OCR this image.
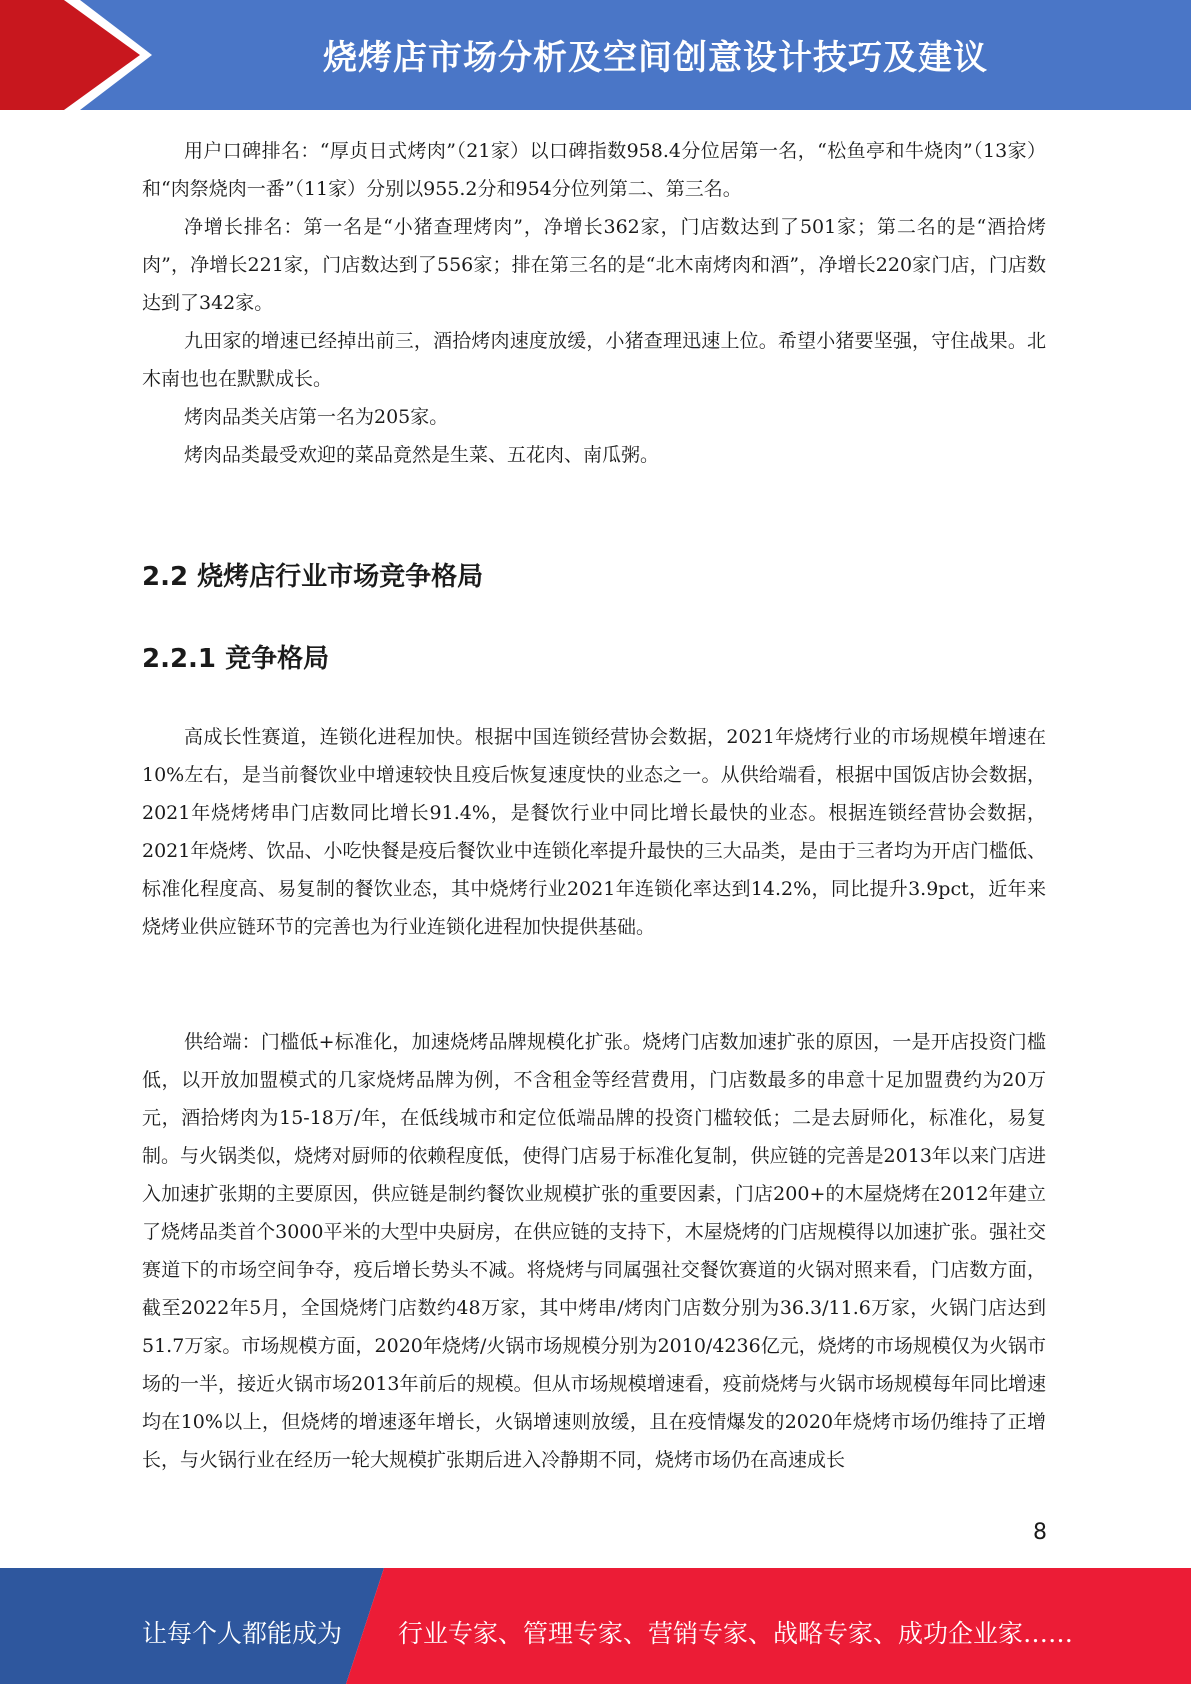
烧烤店市场分析及空间创意设计技巧及建议

用户口碑排名：“厚贞日式烤肉”（21家）以口碑指数958.4分位居第一名，“松鱼亭和牛烧肉”（13家）和“肉祭烧肉一番”（11家）分别以955.2分和954分位列第二、第三名。

净增长排名：第一名是“小猪查理烤肉”，净增长362家，门店数达到了501家；第二名的是“酒拾烤肉”，净增长221家，门店数达到了556家；排在第三名的是“北木南烤肉和酒”，净增长220家门店，门店数达到了342家。

九田家的增速已经掉出前三，酒拾烤肉速度放缓，小猪查理迅速上位。希望小猪要坚强，守住战果。北木南也也在默默成长。

烤肉品类关店第一名为205家。

烤肉品类最受欢迎的菜品竟然是生菜、五花肉、南瓜粥。

2.2 烧烤店行业市场竞争格局
2.2.1 竞争格局

高成长性赛道，连锁化进程加快。根据中国连锁经营协会数据，2021年烧烤行业的市场规模年增速在10%左右，是当前餐饮业中增速较快且疫后恢复速度快的业态之一。从供给端看，根据中国饭店协会数据，2021年烧烤烤串门店数同比增长91.4%，是餐饮行业中同比增长最快的业态。根据连锁经营协会数据，2021年烧烤、饮品、小吃快餐是疫后餐饮业中连锁化率提升最快的三大品类，是由于三者均为开店门槛低、标准化程度高、易复制的餐饮业态，其中烧烤行业2021年连锁化率达到14.2%，同比提升3.9pct，近年来烧烤业供应链环节的完善也为行业连锁化进程加快提供基础。

供给端：门槛低+标准化，加速烧烤品牌规模化扩张。烧烤门店数加速扩张的原因，一是开店投资门槛低，以开放加盟模式的几家烧烤品牌为例，不含租金等经营费用，门店数最多的串意十足加盟费约为20万元，酒拾烤肉为15-18万/年，在低线城市和定位低端品牌的投资门槛较低；二是去厨师化，标准化，易复制。与火锅类似，烧烤对厨师的依赖程度低，使得门店易于标准化复制，供应链的完善是2013年以来门店进入加速扩张期的主要原因，供应链是制约餐饮业规模扩张的重要因素，门店200+的木屋烧烤在2012年建立了烧烤品类首个3000平米的大型中央厨房，在供应链的支持下，木屋烧烤的门店规模得以加速扩张。强社交赛道下的市场空间争夺，疫后增长势头不减。将烧烤与同属强社交餐饮赛道的火锅对照来看，门店数方面，截至2022年5月，全国烧烤门店数约48万家，其中烤串/烤肉门店数分别为36.3/11.6万家，火锅门店达到51.7万家。市场规模方面，2020年烧烤/火锅市场规模分别为2010/4236亿元，烧烤的市场规模仅为火锅市场的一半，接近火锅市场2013年前后的规模。但从市场规模增速看，疫前烧烤与火锅市场规模每年同比增速均在10%以上，但烧烤的增速逐年增长，火锅增速则放缓，且在疫情爆发的2020年烧烤市场仍维持了正增长，与火锅行业在经历一轮大规模扩张期后进入冷静期不同，烧烤市场仍在高速成长

8
让每个人都能成为 行业专家、管理专家、营销专家、战略专家、成功企业家……
